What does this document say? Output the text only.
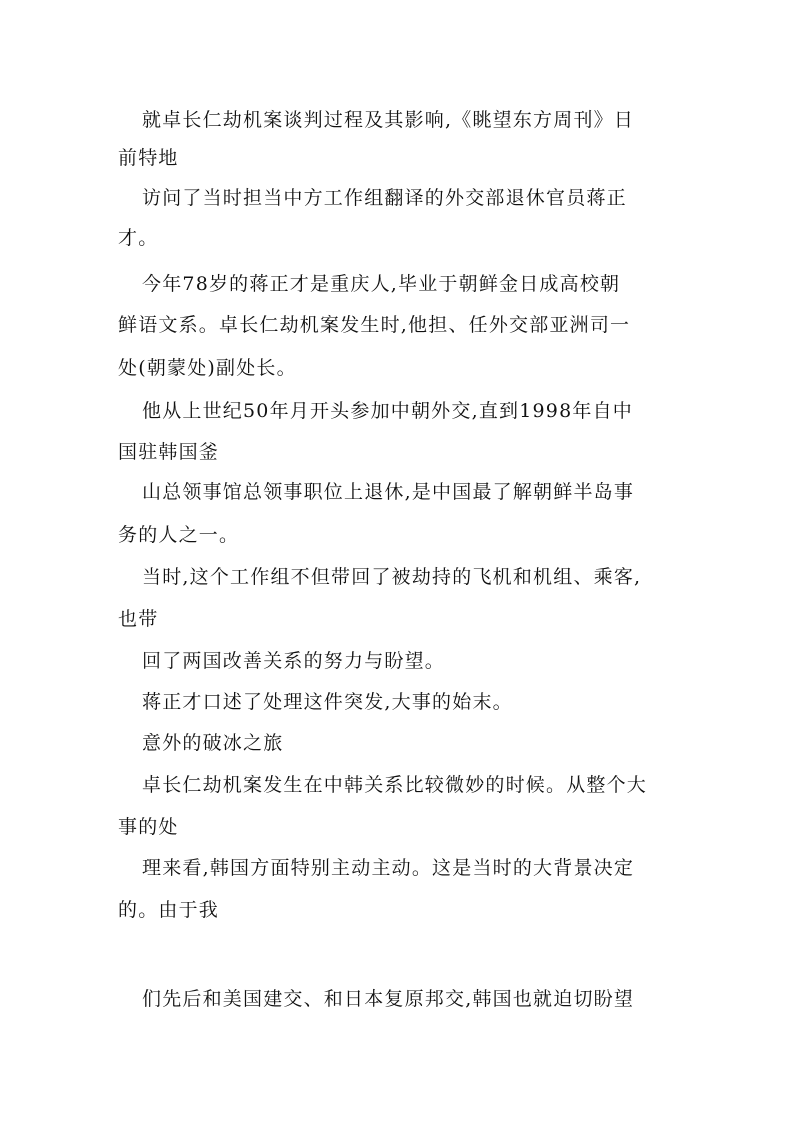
就卓长仁劫机案谈判过程及其影响,《眺望东方周刊》日
前特地
访问了当时担当中方工作组翻译的外交部退休官员蒋正
才。
今年78岁的蒋正才是重庆人,毕业于朝鲜金日成高校朝
鲜语文系。卓长仁劫机案发生时,他担、任外交部亚洲司一
处(朝蒙处)副处长。
他从上世纪50年月开头参加中朝外交,直到1998年自中
国驻韩国釜
山总领事馆总领事职位上退休,是中国最了解朝鲜半岛事
务的人之一。
当时,这个工作组不但带回了被劫持的飞机和机组、乘客,
也带
回了两国改善关系的努力与盼望。
蒋正才口述了处理这件突发,大事的始末。
意外的破冰之旅
卓长仁劫机案发生在中韩关系比较微妙的时候。从整个大
事的处
理来看,韩国方面特别主动主动。这是当时的大背景决定
的。由于我
们先后和美国建交、和日本复原邦交,韩国也就迫切盼望
